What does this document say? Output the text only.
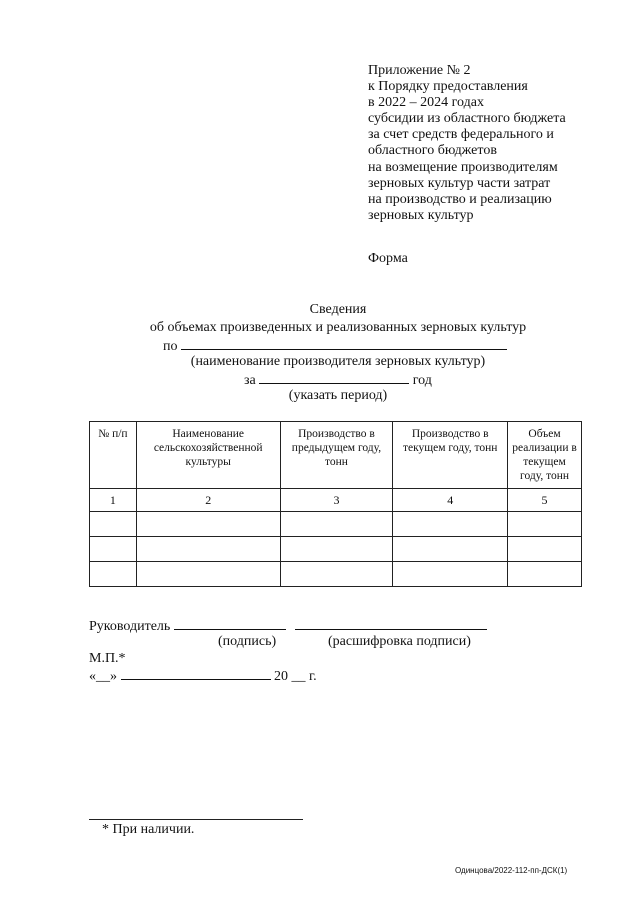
Приложение № 2
к Порядку предоставления
в 2022 – 2024 годах
субсидии из областного бюджета
за счет средств федерального и
областного бюджетов
на возмещение производителям
зерновых культур части затрат
на производство и реализацию
зерновых культур
Форма
Сведения
об объемах произведенных и реализованных зерновых культур
по
(наименование производителя зерновых культур)
за	год
(указать период)
№ п/п	Наименование сельскохозяйственной культуры	Производство в предыдущем году, тонн	Производство в текущем году, тонн	Объем реализации в текущем году, тонн
1	2	3	4	5

Руководитель
(подпись)	(расшифровка подписи)
М.П.*
«__»	20 __ г.
* При наличии.
Одинцова/2022-112-пп-ДСК(1)
